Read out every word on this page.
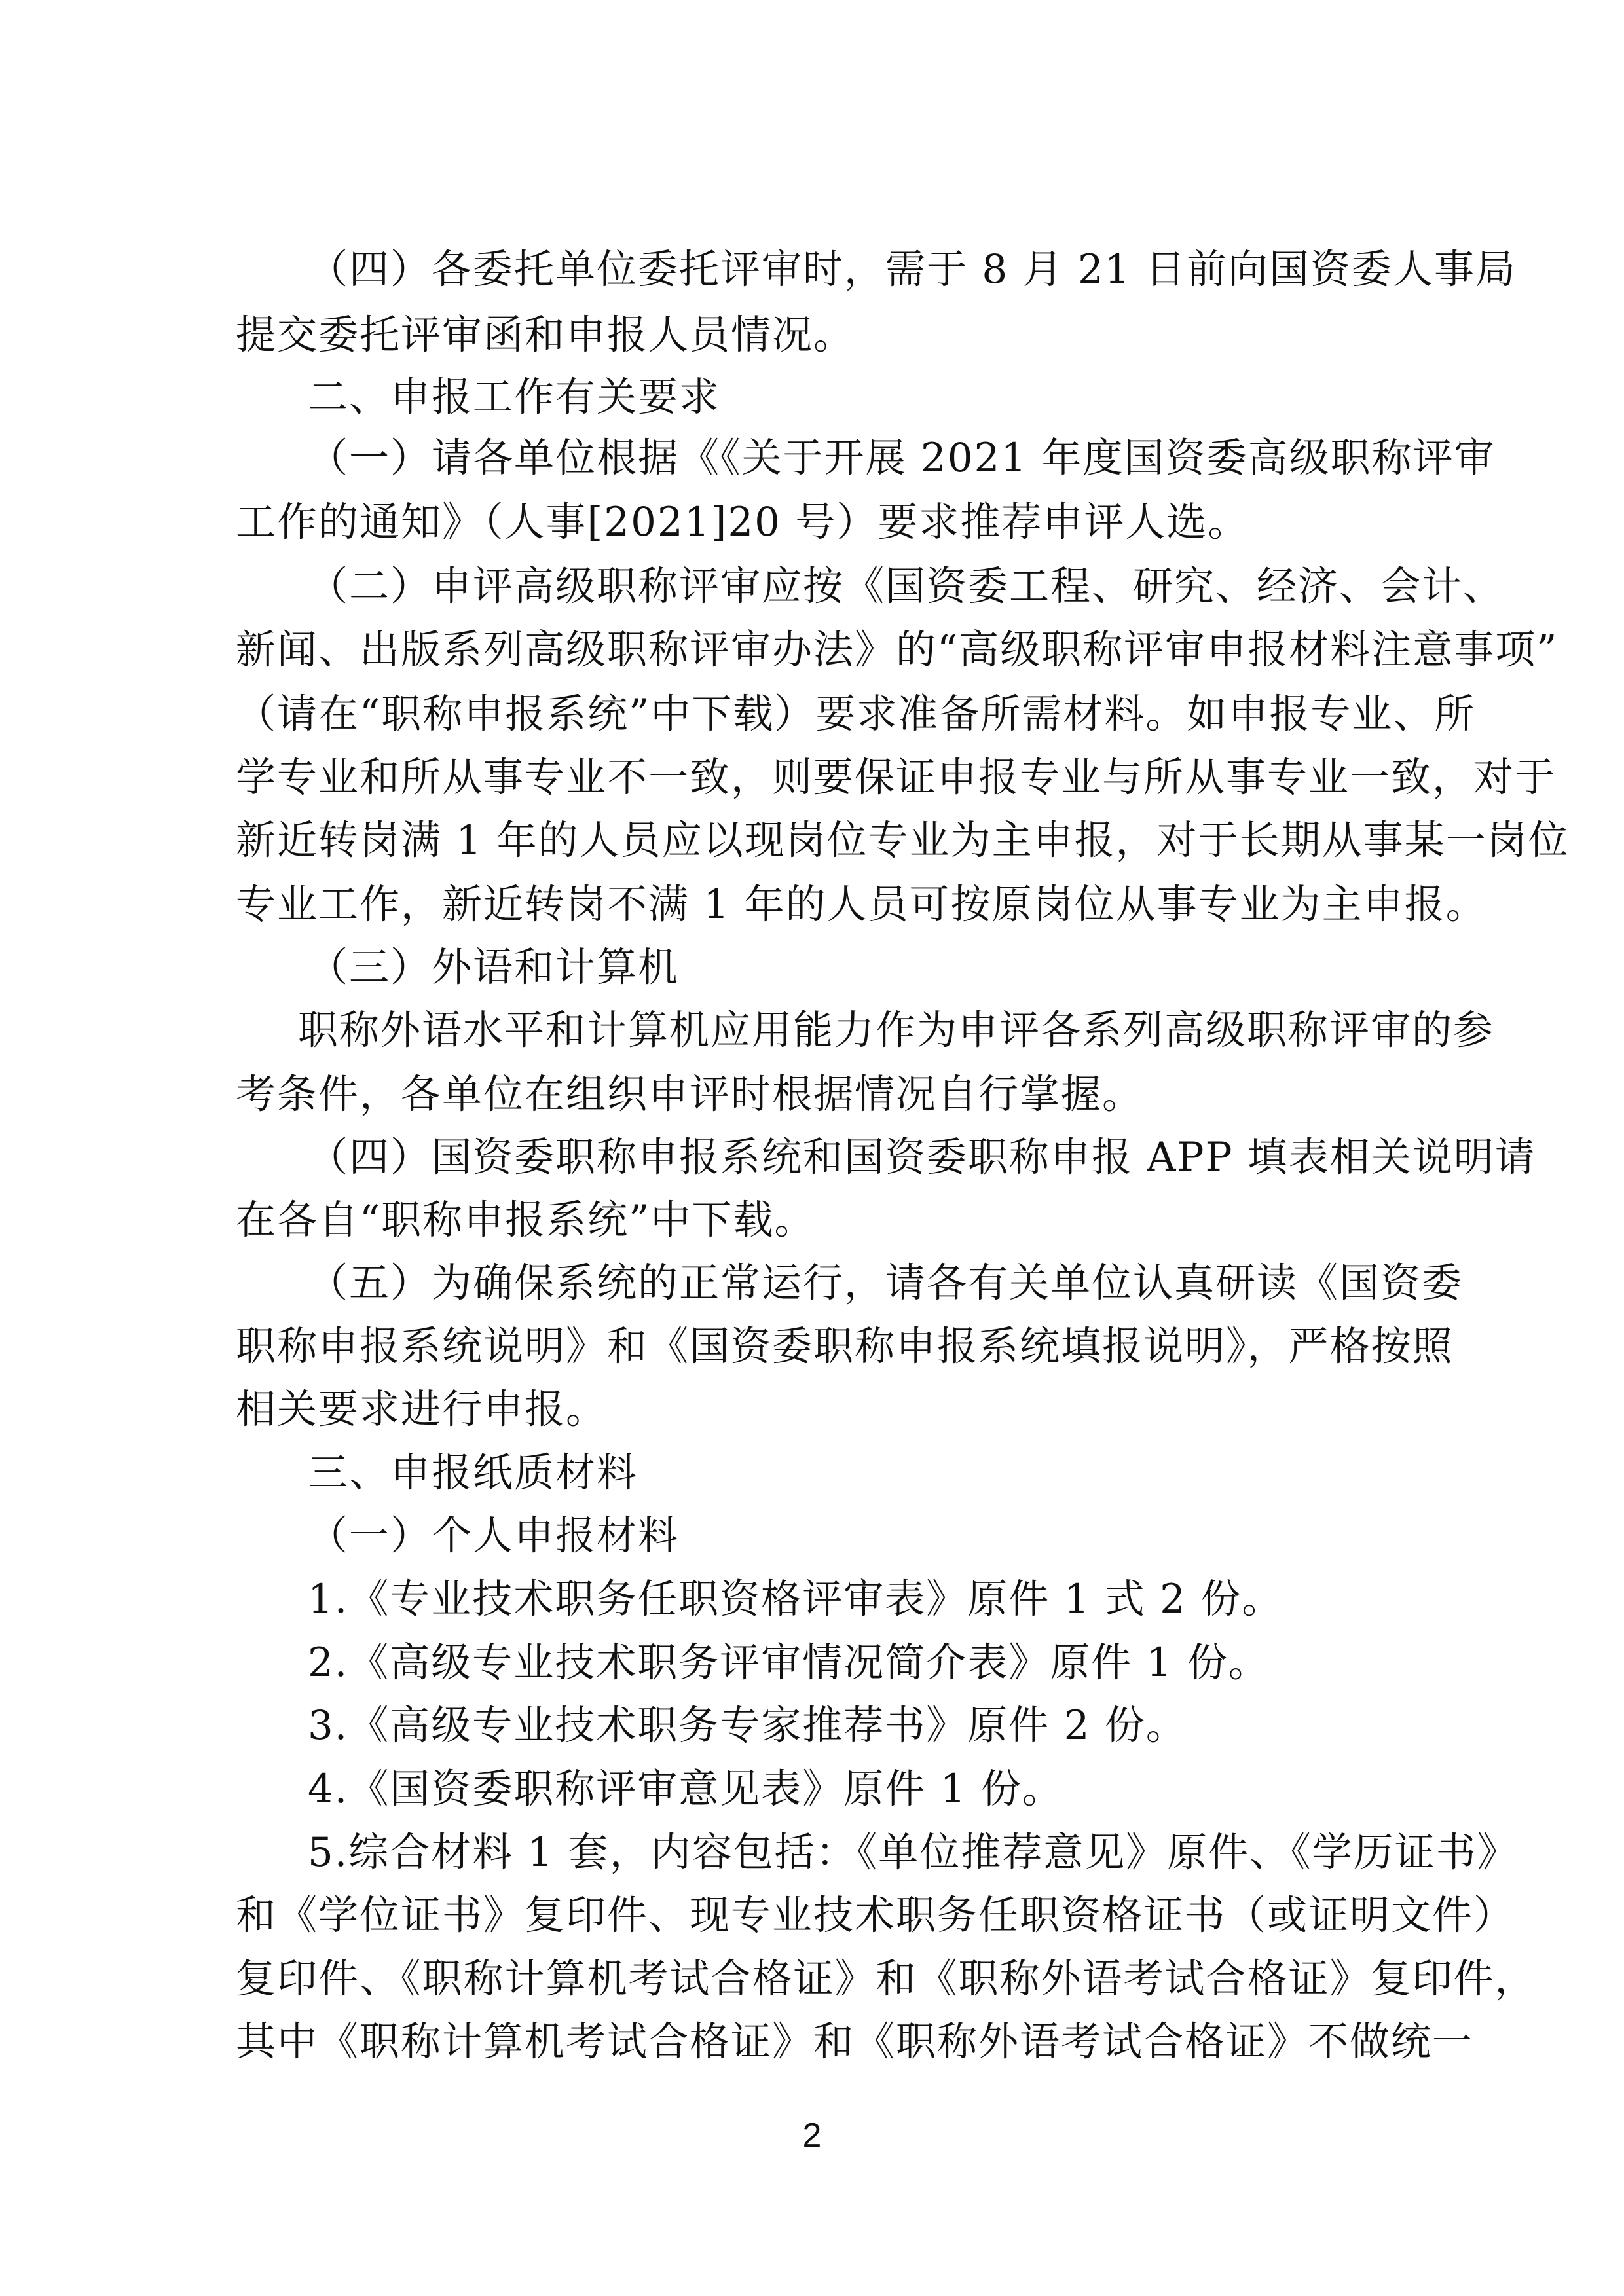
（四）各委托单位委托评审时，需于 8 月 21 日前向国资委人事局
提交委托评审函和申报人员情况。
二、申报工作有关要求
（一）请各单位根据《《关于开展 2021 年度国资委高级职称评审
工作的通知》（人事[2021]20 号）要求推荐申评人选。
（二）申评高级职称评审应按《国资委工程、研究、经济、会计、
新闻、出版系列高级职称评审办法》的“高级职称评审申报材料注意事项”
（请在“职称申报系统”中下载）要求准备所需材料。如申报专业、所
学专业和所从事专业不一致，则要保证申报专业与所从事专业一致，对于
新近转岗满 1 年的人员应以现岗位专业为主申报，对于长期从事某一岗位
专业工作，新近转岗不满 1 年的人员可按原岗位从事专业为主申报。
（三）外语和计算机
职称外语水平和计算机应用能力作为申评各系列高级职称评审的参
考条件，各单位在组织申评时根据情况自行掌握。
（四）国资委职称申报系统和国资委职称申报 APP 填表相关说明请
在各自“职称申报系统”中下载。
（五）为确保系统的正常运行，请各有关单位认真研读《国资委
职称申报系统说明》和《国资委职称申报系统填报说明》，严格按照
相关要求进行申报。
三、申报纸质材料
（一）个人申报材料
1.《专业技术职务任职资格评审表》原件 1 式 2 份。
2.《高级专业技术职务评审情况简介表》原件 1 份。
3.《高级专业技术职务专家推荐书》原件 2 份。
4.《国资委职称评审意见表》原件 1 份。
5.综合材料 1 套，内容包括：《单位推荐意见》原件、《学历证书》
和《学位证书》复印件、现专业技术职务任职资格证书（或证明文件）
复印件、《职称计算机考试合格证》和《职称外语考试合格证》复印件，
其中《职称计算机考试合格证》和《职称外语考试合格证》不做统一
2
